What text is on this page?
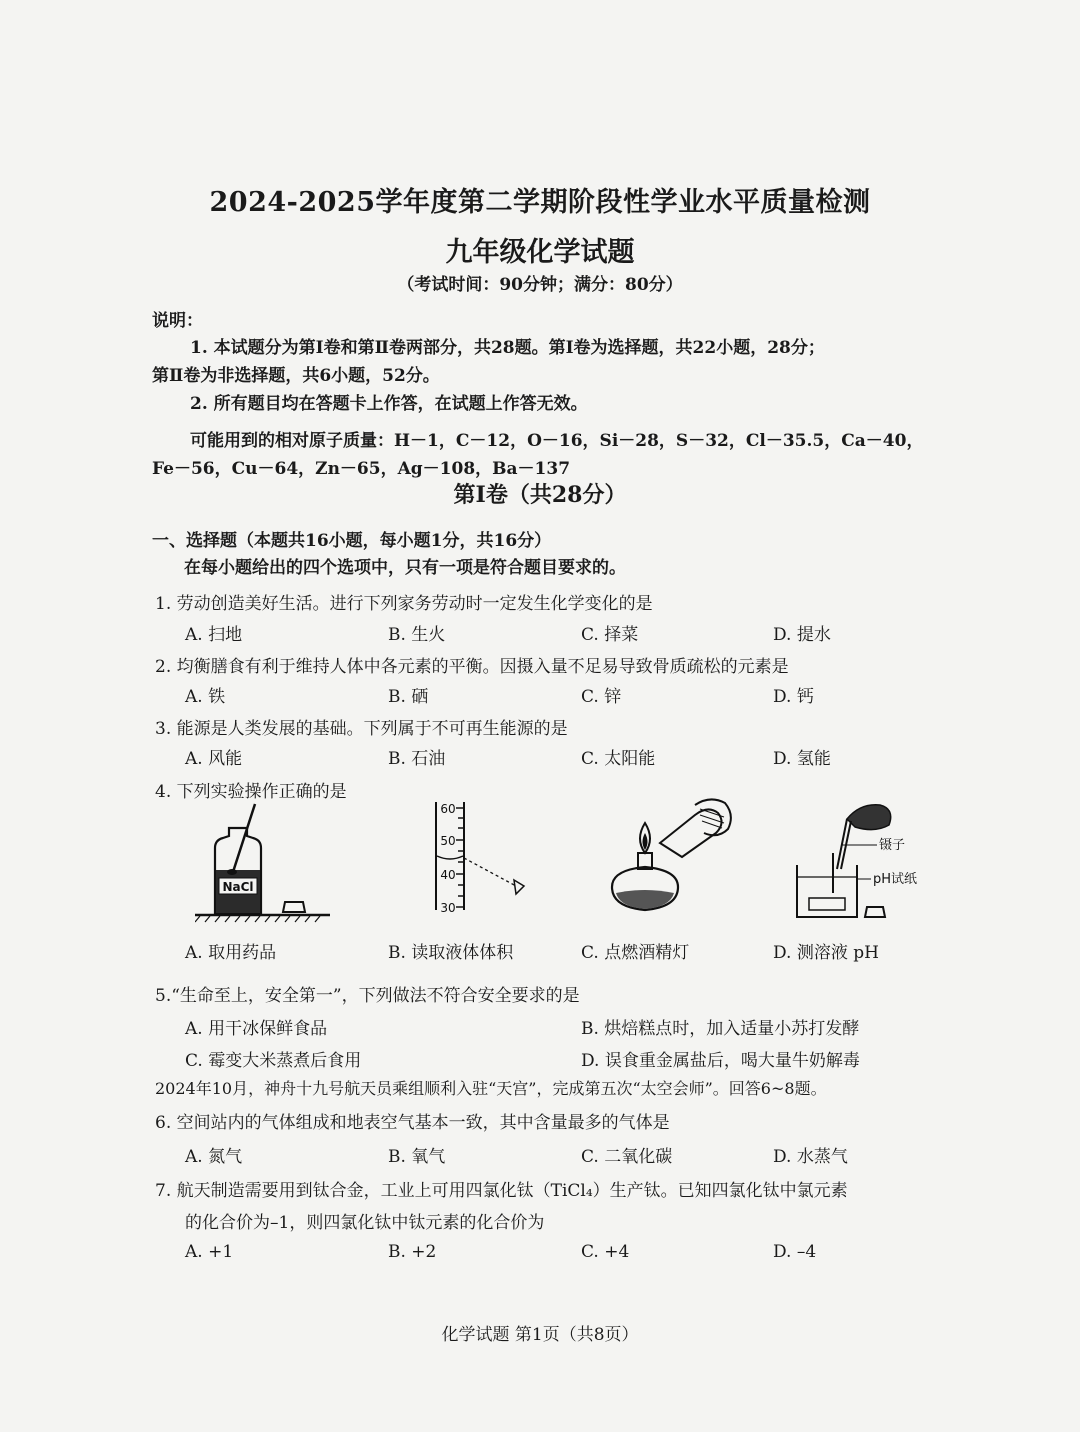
2024-2025学年度第二学期阶段性学业水平质量检测
九年级化学试题
（考试时间：90分钟；满分：80分）
说明：
1. 本试题分为第Ⅰ卷和第Ⅱ卷两部分，共28题。第Ⅰ卷为选择题，共22小题，28分；
第Ⅱ卷为非选择题，共6小题，52分。
2. 所有题目均在答题卡上作答，在试题上作答无效。
可能用到的相对原子质量：H－1，C－12，O－16，Si－28，S－32，Cl－35.5，Ca－40，
Fe－56，Cu－64，Zn－65，Ag－108，Ba－137
第Ⅰ卷（共28分）
一、选择题（本题共16小题，每小题1分，共16分）
在每小题给出的四个选项中，只有一项是符合题目要求的。
1. 劳动创造美好生活。进行下列家务劳动时一定发生化学变化的是
A. 扫地	B. 生火	C. 择菜	D. 提水
2. 均衡膳食有利于维持人体中各元素的平衡。因摄入量不足易导致骨质疏松的元素是
A. 铁	B. 硒	C. 锌	D. 钙
3. 能源是人类发展的基础。下列属于不可再生能源的是
A. 风能	B. 石油	C. 太阳能	D. 氢能
4. 下列实验操作正确的是
NaCl
60
50
40
30
镊子
pH试纸
A. 取用药品	B. 读取液体体积	C. 点燃酒精灯	D. 测溶液 pH
5.“生命至上，安全第一”，下列做法不符合安全要求的是
A. 用干冰保鲜食品	B. 烘焙糕点时，加入适量小苏打发酵
C. 霉变大米蒸煮后食用	D. 误食重金属盐后，喝大量牛奶解毒
2024年10月，神舟十九号航天员乘组顺利入驻“天宫”，完成第五次“太空会师”。回答6~8题。
6. 空间站内的气体组成和地表空气基本一致，其中含量最多的气体是
A. 氮气	B. 氧气	C. 二氧化碳	D. 水蒸气
7. 航天制造需要用到钛合金，工业上可用四氯化钛（TiCl₄）生产钛。已知四氯化钛中氯元素
的化合价为–1，则四氯化钛中钛元素的化合价为
A. +1	B. +2	C. +4	D. –4
化学试题 第1页（共8页）
